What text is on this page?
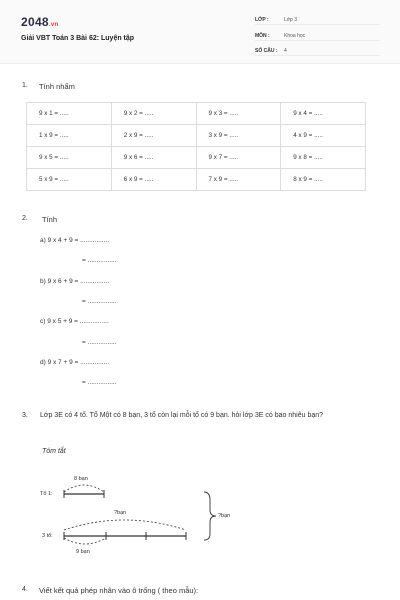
2048.vn
Giải VBT Toán 3 Bài 62: Luyện tập
LỚP :	Lớp 3
MÔN :	Khoa học
SỐ CÂU : 4
1. Tính nhẩm
9 x 1 = .....	9 x 2 = .....	9 x 3 = .....	9 x 4 = .....
1 x 9 = .....	2 x 9 = .....	3 x 9 = .....	4 x 9 = .....
9 x 5 = .....	9 x 6 = .....	9 x 7 = .....	9 x 8 = .....
5 x 9 = .....	6 x 9 = .....	7 x 9 = .....	8 x 9 = .....
2. Tính
a) 9 x 4 + 9 = ................
= ................
b) 9 x 6 + 9 = ................
= ................
c) 9 x 5 + 9 = ................
= ................
d) 9 x 7 + 9 = ................
= ................
3. Lớp 3E có 4 tổ. Tổ Một có 8 bạn, 3 tổ còn lại mỗi tổ có 9 bạn. hỏi lớp 3E có bao nhiêu bạn?
Tóm tắt
8 bạn
Tổ 1:
?bạn	?bạn
3 tổ:
9 bạn
4. Viết kết quả phép nhân vào ô trống ( theo mẫu):
